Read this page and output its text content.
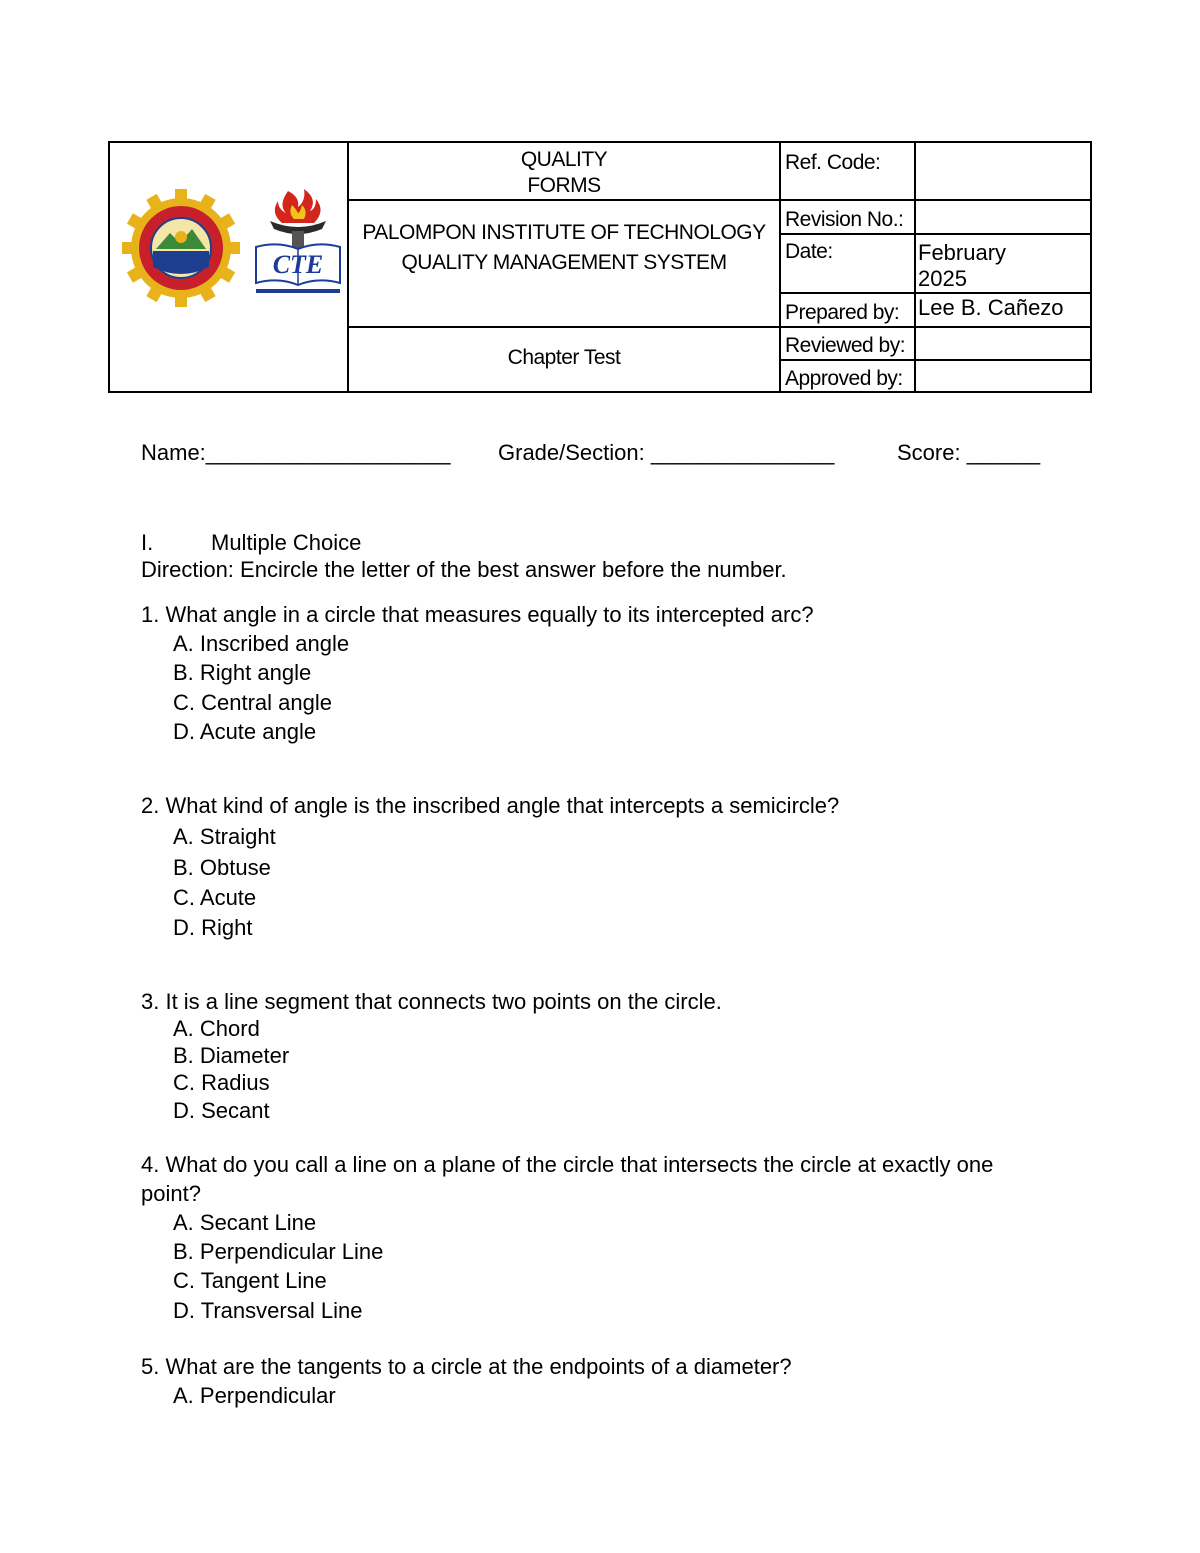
CTE
QUALITY
FORMS
PALOMPON INSTITUTE OF TECHNOLOGY
QUALITY MANAGEMENT SYSTEM
Chapter Test
Ref. Code:
Revision No.:
Date:	February
2025
Prepared by: Lee B. Cañezo
Reviewed by:
Approved by:
Name:____________________ Grade/Section: _______________	Score: ______
I.	Multiple Choice
Direction: Encircle the letter of the best answer before the number.
1. What angle in a circle that measures equally to its intercepted arc?
A. Inscribed angle
B. Right angle
C. Central angle
D. Acute angle
2. What kind of angle is the inscribed angle that intercepts a semicircle?
A. Straight
B. Obtuse
C. Acute
D. Right
3. It is a line segment that connects two points on the circle.
A. Chord
B. Diameter
C. Radius
D. Secant
4. What do you call a line on a plane of the circle that intersects the circle at exactly one
point?
A. Secant Line
B. Perpendicular Line
C. Tangent Line
D. Transversal Line
5. What are the tangents to a circle at the endpoints of a diameter?
A. Perpendicular
